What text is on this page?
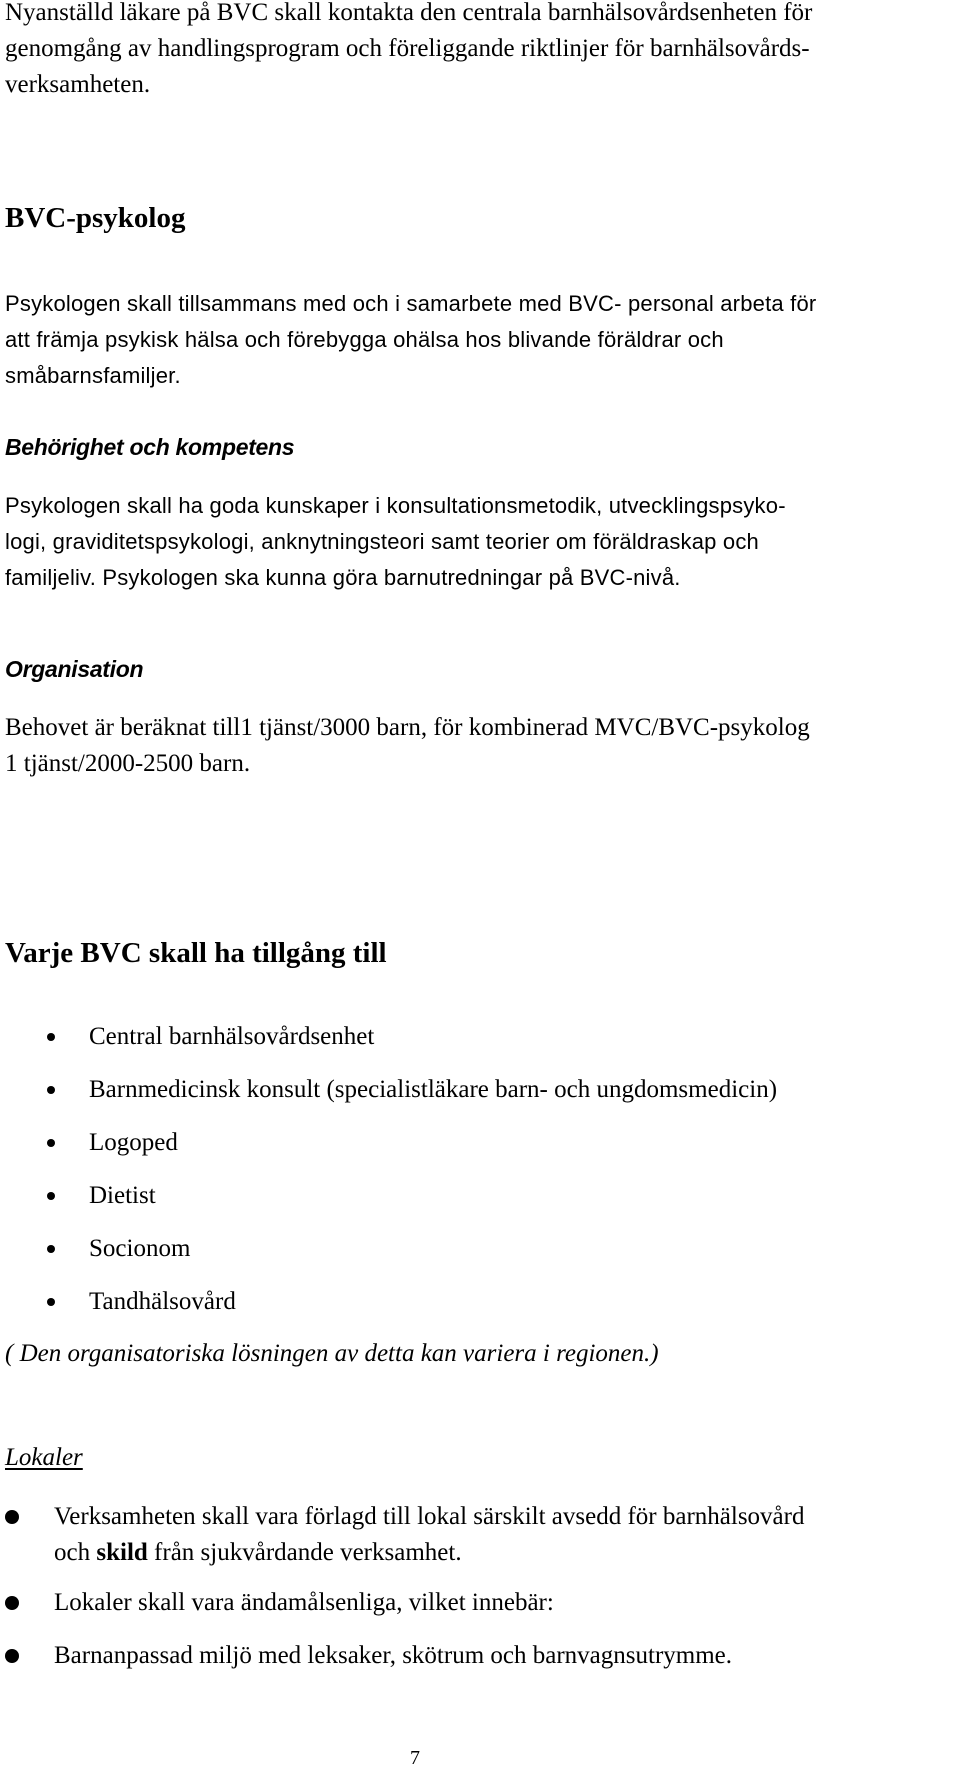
Nyanställd läkare på BVC skall kontakta den centrala barnhälsovårdsenheten för
genomgång av handlingsprogram och föreliggande riktlinjer för barnhälsovårds-
verksamheten.
BVC-psykolog
Psykologen skall tillsammans med och i samarbete med BVC- personal arbeta för
att främja psykisk hälsa och förebygga ohälsa hos blivande föräldrar och
småbarnsfamiljer.
Behörighet och kompetens
Psykologen skall ha goda kunskaper i konsultationsmetodik, utvecklingspsyko-
logi, graviditetspsykologi, anknytningsteori samt teorier om föräldraskap och
familjeliv. Psykologen ska kunna göra barnutredningar på BVC-nivå.
Organisation
Behovet är beräknat till1 tjänst/3000 barn, för kombinerad MVC/BVC-psykolog
1 tjänst/2000-2500 barn.
Varje BVC skall ha tillgång till
Central barnhälsovårdsenhet
Barnmedicinsk konsult (specialistläkare barn- och ungdomsmedicin)
Logoped
Dietist
Socionom
Tandhälsovård
( Den organisatoriska lösningen av detta kan variera i regionen.)
Lokaler
Verksamheten skall vara förlagd till lokal särskilt avsedd för barnhälsovård
och skild från sjukvårdande verksamhet.
Lokaler skall vara ändamålsenliga, vilket innebär:
Barnanpassad miljö med leksaker, skötrum och barnvagnsutrymme.
7
